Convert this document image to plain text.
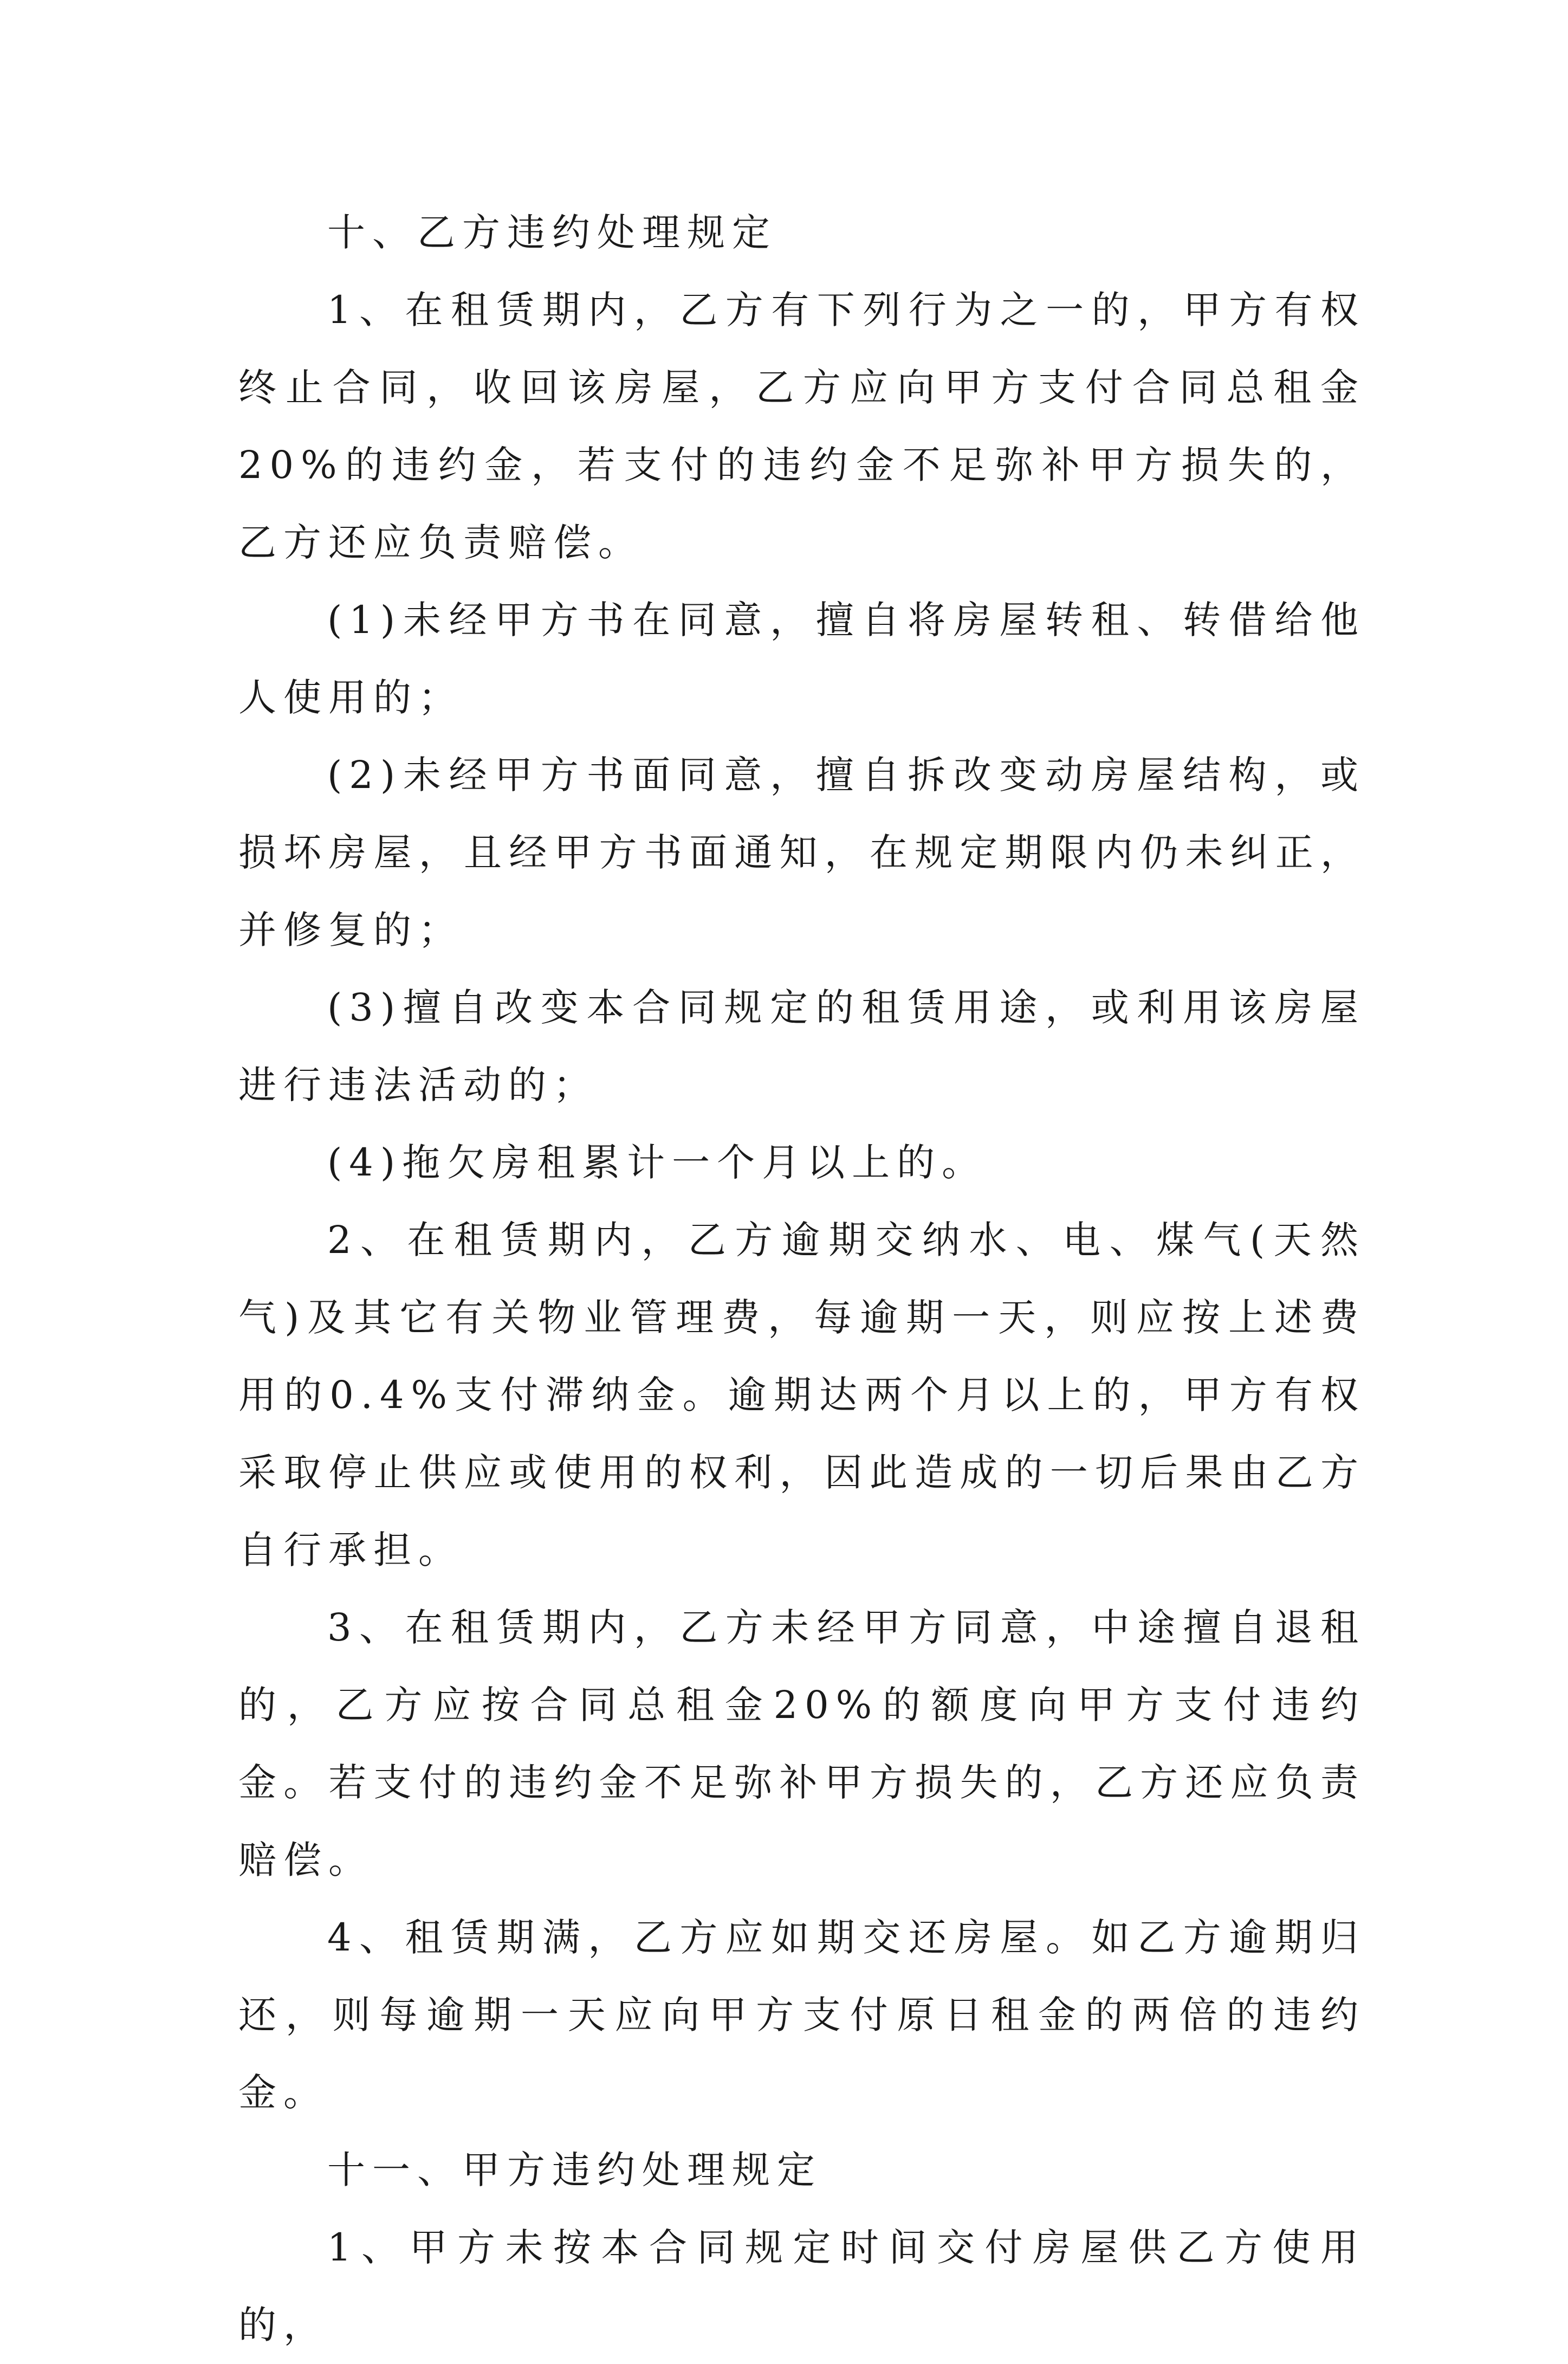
十、乙方违约处理规定

1、在租赁期内，乙方有下列行为之一的，甲方有权终止合同，收回该房屋，乙方应向甲方支付合同总租金20%的违约金，若支付的违约金不足弥补甲方损失的，乙方还应负责赔偿。

(1)未经甲方书在同意，擅自将房屋转租、转借给他人使用的；

(2)未经甲方书面同意，擅自拆改变动房屋结构，或损坏房屋，且经甲方书面通知，在规定期限内仍未纠正，并修复的；

(3)擅自改变本合同规定的租赁用途，或利用该房屋进行违法活动的；

(4)拖欠房租累计一个月以上的。

2、在租赁期内，乙方逾期交纳水、电、煤气(天然气)及其它有关物业管理费，每逾期一天，则应按上述费用的0.4%支付滞纳金。逾期达两个月以上的，甲方有权采取停止供应或使用的权利，因此造成的一切后果由乙方自行承担。

3、在租赁期内，乙方未经甲方同意，中途擅自退租的，乙方应按合同总租金20%的额度向甲方支付违约金。若支付的违约金不足弥补甲方损失的，乙方还应负责赔偿。

4、租赁期满，乙方应如期交还房屋。如乙方逾期归还，则每逾期一天应向甲方支付原日租金的两倍的违约金。

十一、甲方违约处理规定

1、甲方未按本合同规定时间交付房屋供乙方使用的，
